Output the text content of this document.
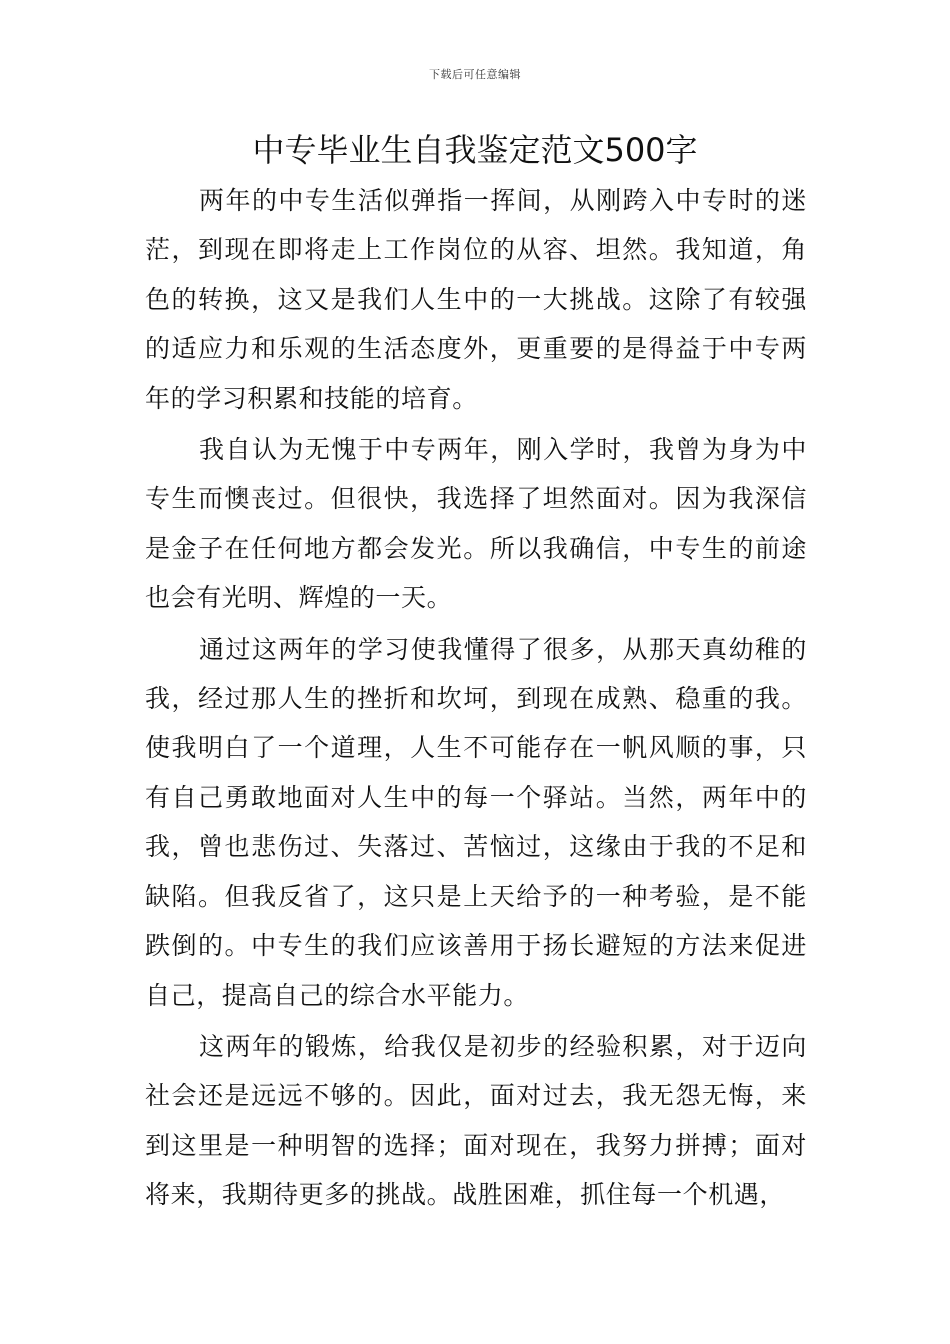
下载后可任意编辑
中专毕业生自我鉴定范文500字

两年的中专生活似弹指一挥间，从刚跨入中专时的迷茫，到现在即将走上工作岗位的从容、坦然。我知道，角色的转换，这又是我们人生中的一大挑战。这除了有较强的适应力和乐观的生活态度外，更重要的是得益于中专两年的学习积累和技能的培育。

我自认为无愧于中专两年，刚入学时，我曾为身为中专生而懊丧过。但很快，我选择了坦然面对。因为我深信是金子在任何地方都会发光。所以我确信，中专生的前途也会有光明、辉煌的一天。

通过这两年的学习使我懂得了很多，从那天真幼稚的我，经过那人生的挫折和坎坷，到现在成熟、稳重的我。使我明白了一个道理，人生不可能存在一帆风顺的事，只有自己勇敢地面对人生中的每一个驿站。当然，两年中的我，曾也悲伤过、失落过、苦恼过，这缘由于我的不足和缺陷。但我反省了，这只是上天给予的一种考验，是不能跌倒的。中专生的我们应该善用于扬长避短的方法来促进自己，提高自己的综合水平能力。

这两年的锻炼，给我仅是初步的经验积累，对于迈向社会还是远远不够的。因此，面对过去，我无怨无悔，来到这里是一种明智的选择；面对现在，我努力拼搏；面对将来，我期待更多的挑战。战胜困难，抓住每一个机遇，
